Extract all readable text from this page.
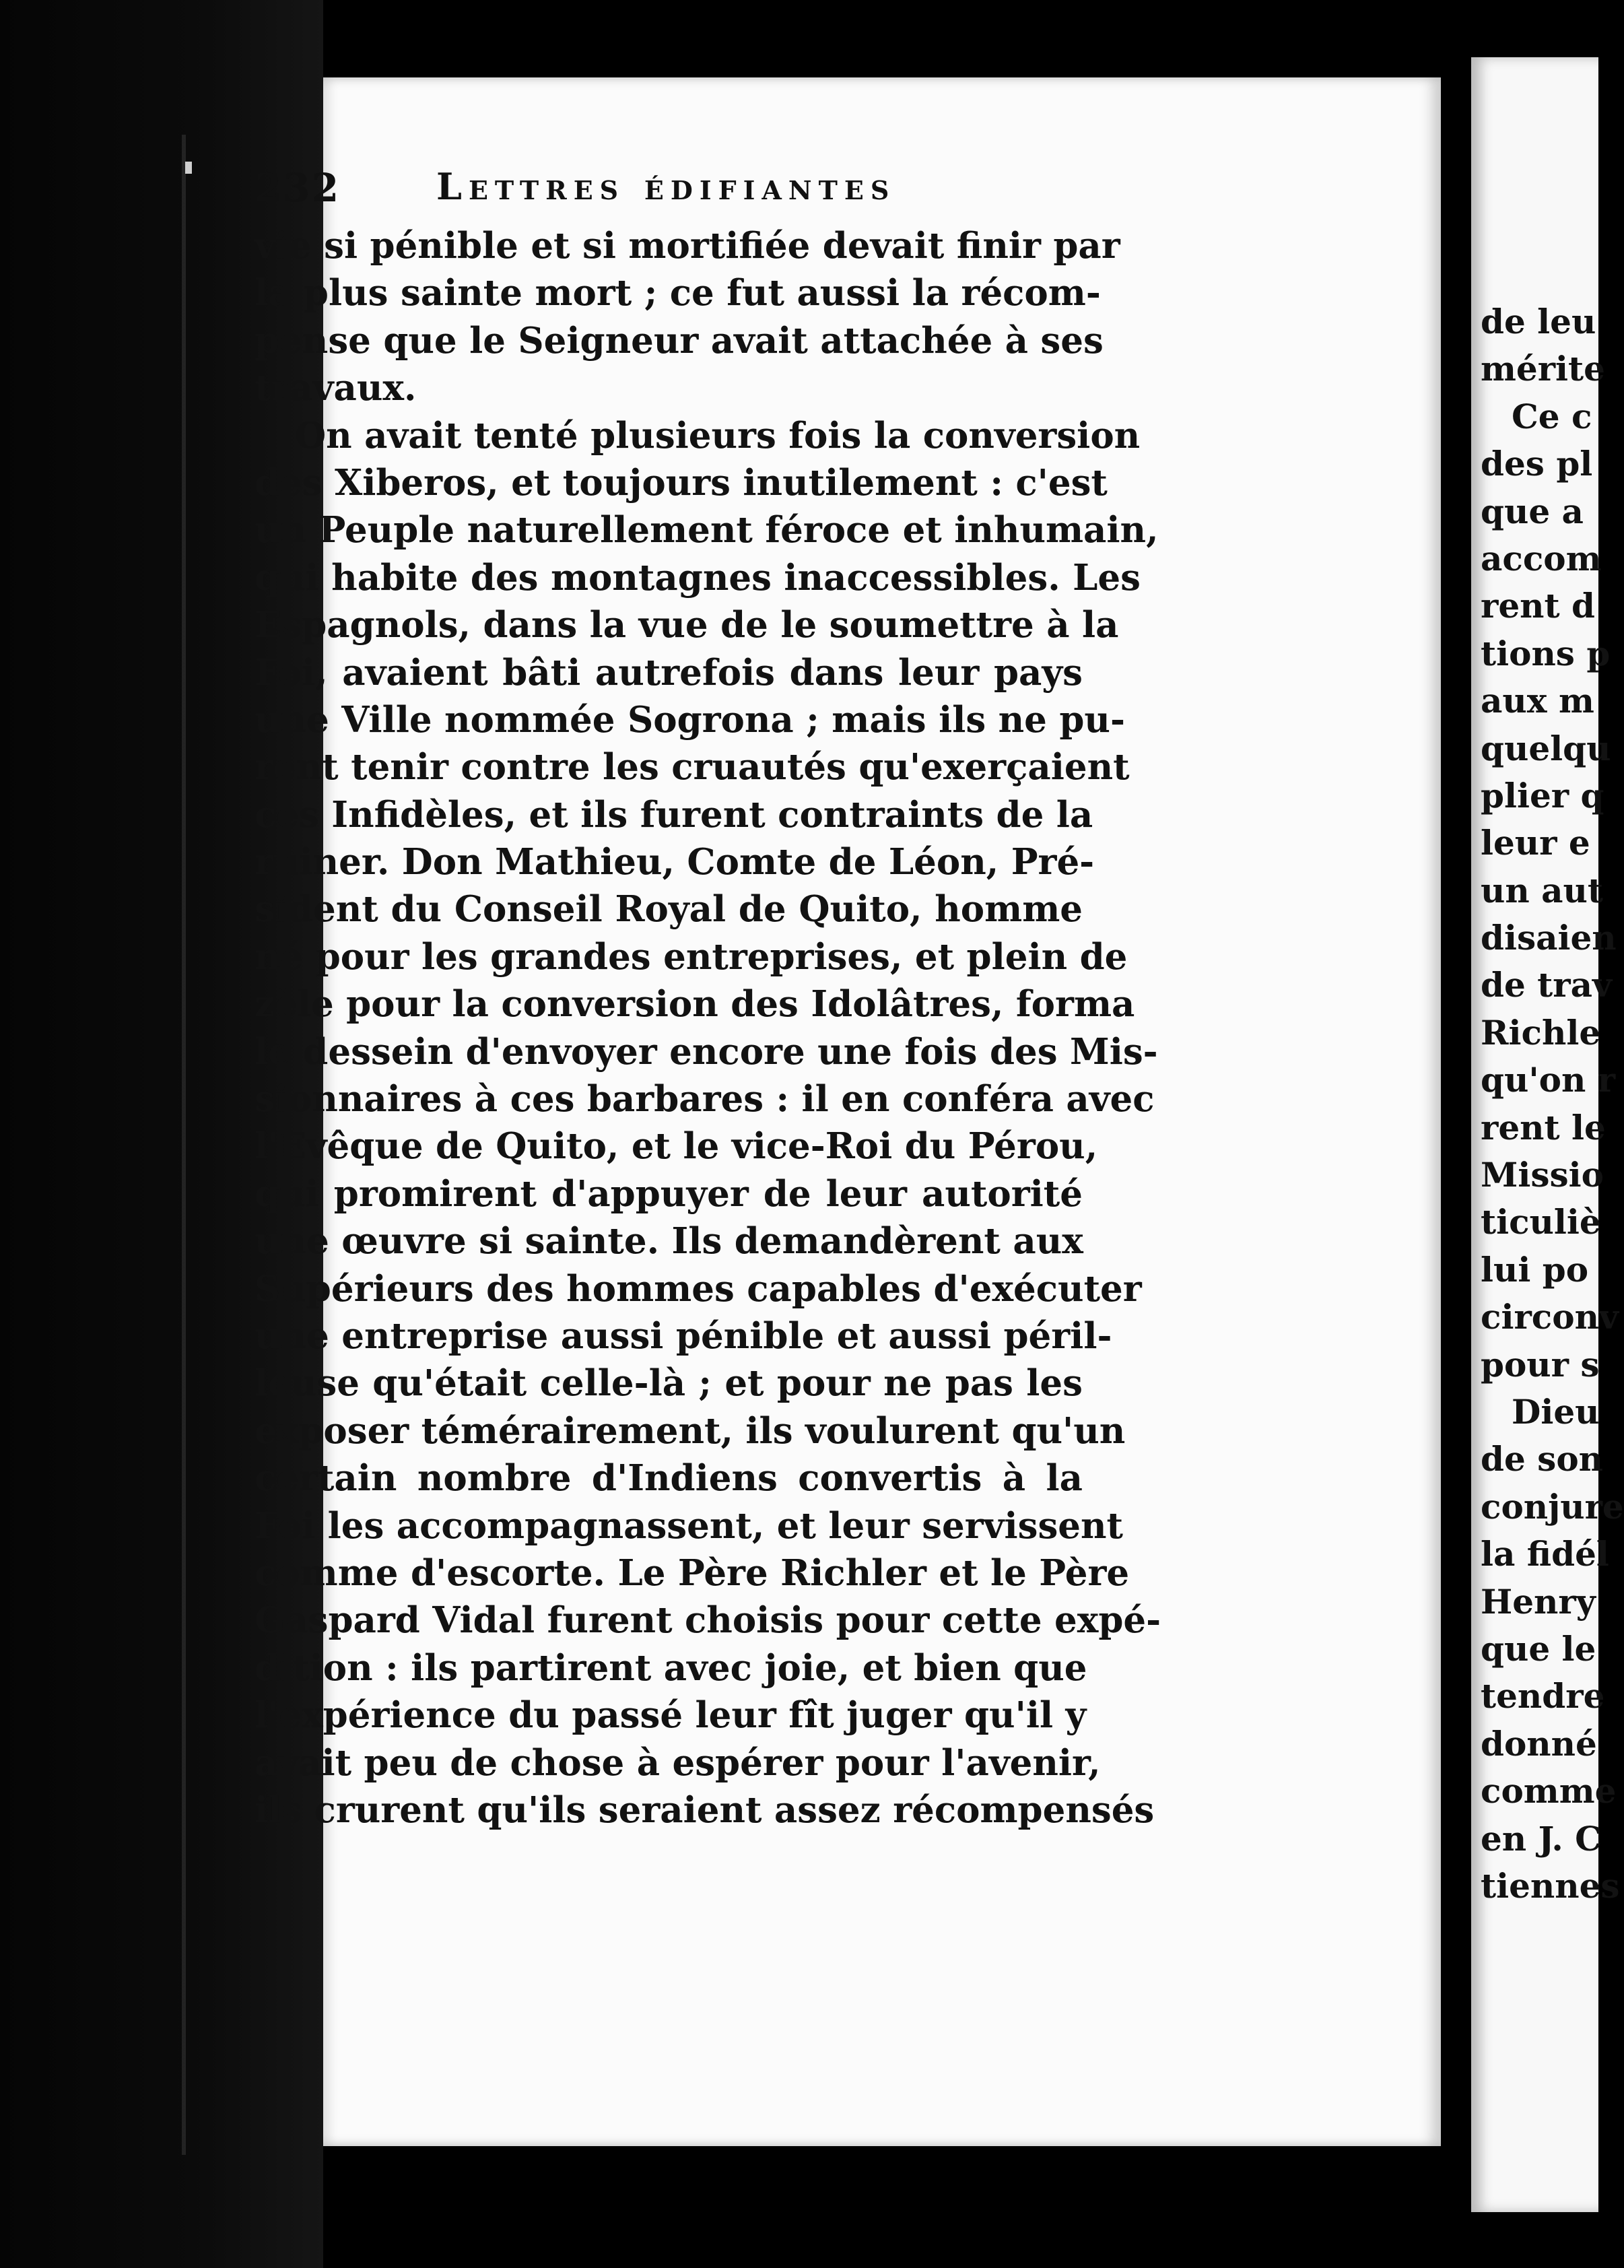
232	Lettres édifiantes
vie si pénible et si mortifiée devait finir par
la plus sainte mort ; ce fut aussi la récom-
pense que le Seigneur avait attachée à ses
travaux.
On avait tenté plusieurs fois la conversion
des Xiberos, et toujours inutilement : c'est
un Peuple naturellement féroce et inhumain,
qui habite des montagnes inaccessibles. Les
Espagnols, dans la vue de le soumettre à la
Foi, avaient bâti autrefois dans leur pays
une Ville nommée Sogrona ; mais ils ne pu-
rent tenir contre les cruautés qu'exerçaient
ces Infidèles, et ils furent contraints de la
ruiner. Don Mathieu, Comte de Léon, Pré-
sident du Conseil Royal de Quito, homme
né pour les grandes entreprises, et plein de
zèle pour la conversion des Idolâtres, forma
le dessein d'envoyer encore une fois des Mis-
sionnaires à ces barbares : il en conféra avec
l'Evêque de Quito, et le vice-Roi du Pérou,
qui promirent d'appuyer de leur autorité
une œuvre si sainte. Ils demandèrent aux
Supérieurs des hommes capables d'exécuter
une entreprise aussi pénible et aussi péril-
leuse qu'était celle-là ; et pour ne pas les
exposer témérairement, ils voulurent qu'un
certain nombre d'Indiens convertis à la
Foi les accompagnassent, et leur servissent
comme d'escorte. Le Père Richler et le Père
Gaspard Vidal furent choisis pour cette expé-
dition : ils partirent avec joie, et bien que
l'expérience du passé leur fît juger qu'il y
avait peu de chose à espérer pour l'avenir,
ils crurent qu'ils seraient assez récompensés
de leu
mérite
Ce c
des pl
que a
accom
rent d
tions p
aux m
quelqu
plier q
leur e
un aut
disaien
de trav
Richle
qu'on r
rent le
Missio
ticuliè
lui po
circonv
pour s
Dieu
de son
conjure
la fidél
Henry
que le
tendre
donné
comme
en J. C
tiennes
